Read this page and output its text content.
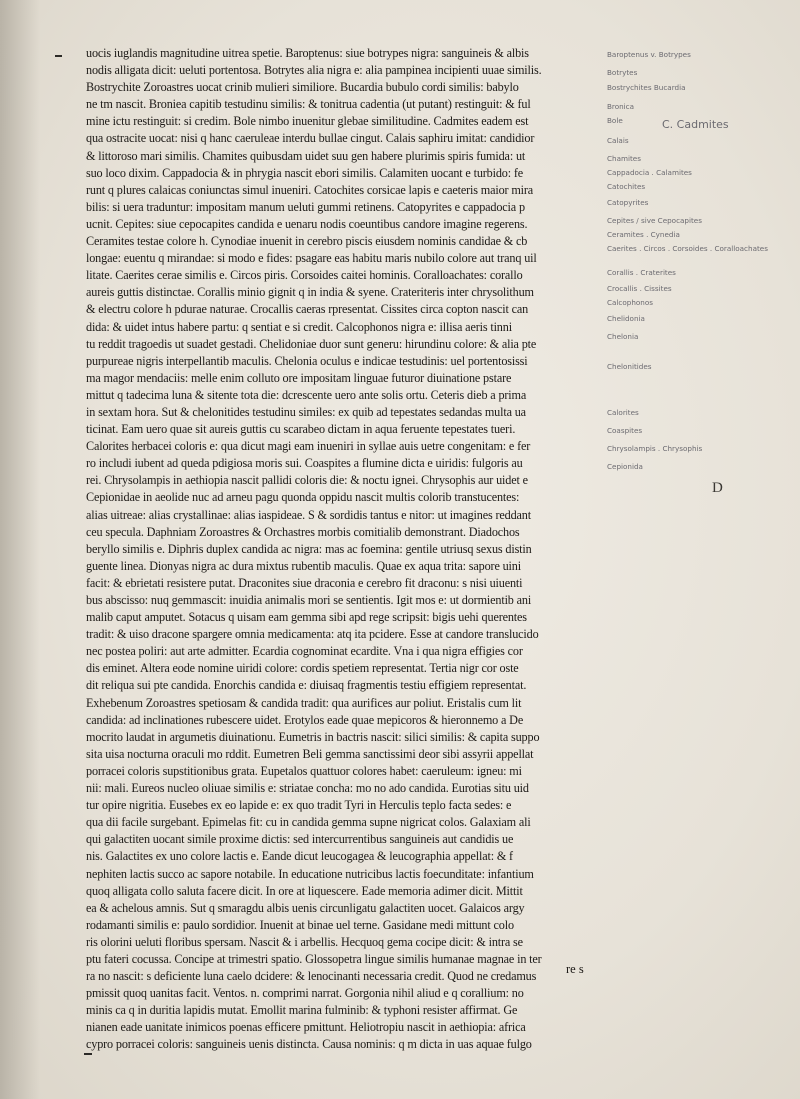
uocis iuglandis magnitudine uitrea spetie. Baroptenus: siue botrypes nigra: sanguineis & albis
nodis alligata dicit: ueluti portentosa. Botrytes alia nigra e: alia pampinea incipienti uuae similis.
Bostrychite Zoroastres uocat crinib mulieri similiore. Bucardia bubulo cordi similis: babylo
ne tm nascit. Broniea capitib testudinu similis: & tonitrua cadentia (ut putant) restinguit: & ful
mine ictu restinguit: si credim. Bole nimbo inuenitur glebae similitudine. Cadmites eadem est
qua ostracite uocat: nisi q hanc caeruleae interdu bullae cingut. Calais saphiru imitat: candidior
& littoroso mari similis. Chamites quibusdam uidet suu gen habere plurimis spiris fumida: ut
suo loco dixim. Cappadocia & in phrygia nascit ebori similis. Calamiten uocant e turbido: fe
runt q plures calaicas coniunctas simul inueniri. Catochites corsicae lapis e caeteris maior mira
bilis: si uera traduntur: impositam manum ueluti gummi retinens. Catopyrites e cappadocia p
ucnit. Cepites: siue cepocapites candida e uenaru nodis coeuntibus candore imagine regerens.
Ceramites testae colore h. Cynodiae inuenit in cerebro piscis eiusdem nominis candidae & cb
longae: euentu q mirandae: si modo e fides: psagare eas habitu maris nubilo colore aut tranq uil
litate. Caerites cerae similis e. Circos piris. Corsoides caitei hominis. Coralloachates: corallo
aureis guttis distinctae. Corallis minio gignit q in india & syene. Crateriteris inter chrysolithum
& electru colore h pdurae naturae. Crocallis caeras rpresentat. Cissites circa copton nascit can
dida: & uidet intus habere partu: q sentiat e si credit. Calcophonos nigra e: illisa aeris tinni
tu reddit tragoedis ut suadet gestadi. Chelidoniae duor sunt generu: hirundinu colore: & alia pte
purpureae nigris interpellantib maculis. Chelonia oculus e indicae testudinis: uel portentosissi
ma magor mendaciis: melle enim colluto ore impositam linguae futuror diuinatione pstare
mittut q tadecima luna & sitente tota die: dcrescente uero ante solis ortu. Ceteris dieb a prima
in sextam hora. Sut & chelonitides testudinu similes: ex quib ad tepestates sedandas multa ua
ticinat. Eam uero quae sit aureis guttis cu scarabeo dictam in aqua feruente tepestates tueri.
Calorites herbacei coloris e: qua dicut magi eam inueniri in syllae auis uetre congenitam: e fer
ro includi iubent ad queda pdigiosa moris sui. Coaspites a flumine dicta e uiridis: fulgoris au
rei. Chrysolampis in aethiopia nascit pallidi coloris die: & noctu ignei. Chrysophis aur uidet e
Cepionidae in aeolide nuc ad arneu pagu quonda oppidu nascit multis colorib transtucentes:
alias uitreae: alias crystallinae: alias iaspideae. S & sordidis tantus e nitor: ut imagines reddant
ceu specula. Daphniam Zoroastres & Orchastres morbis comitialib demonstrant. Diadochos
beryllo similis e. Diphris duplex candida ac nigra: mas ac foemina: gentile utriusq sexus distin
guente linea. Dionyas nigra ac dura mixtus rubentib maculis. Quae ex aqua trita: sapore uini
facit: & ebrietati resistere putat. Draconites siue draconia e cerebro fit draconu: s nisi uiuenti
bus abscisso: nuq gemmascit: inuidia animalis mori se sentientis. Igit mos e: ut dormientib ani
malib caput amputet. Sotacus q uisam eam gemma sibi apd rege scripsit: bigis uehi querentes
tradit: & uiso dracone spargere omnia medicamenta: atq ita pcidere. Esse at candore translucido
nec postea poliri: aut arte admitter. Ecardia cognominat ecardite. Vna i qua nigra effigies cor
dis eminet. Altera eode nomine uiridi colore: cordis spetiem representat. Tertia nigr cor oste
dit reliqua sui pte candida. Enorchis candida e: diuisaq fragmentis testiu effigiem representat.
Exhebenum Zoroastres spetiosam & candida tradit: qua aurifices aur poliut. Eristalis cum lit
candida: ad inclinationes rubescere uidet. Erotylos eade quae mepicoros & hieronnemo a De
mocrito laudat in argumetis diuinationu. Eumetris in bactris nascit: silici similis: & capita suppo
sita uisa nocturna oraculi mo rddit. Eumetren Beli gemma sanctissimi deor sibi assyrii appellat
porracei coloris supstitionibus grata. Eupetalos quattuor colores habet: caeruleum: igneu: mi
nii: mali. Eureos nucleo oliuae similis e: striatae concha: mo no ado candida. Eurotias situ uid
tur opire nigritia. Eusebes ex eo lapide e: ex quo tradit Tyri in Herculis teplo facta sedes: e
qua dii facile surgebant. Epimelas fit: cu in candida gemma supne nigricat colos. Galaxiam ali
qui galactiten uocant simile proxime dictis: sed intercurrentibus sanguineis aut candidis ue
nis. Galactites ex uno colore lactis e. Eande dicut leucogagea & leucographia appellat: & f
nephiten lactis succo ac sapore notabile. In educatione nutricibus lactis foecunditate: infantium
quoq alligata collo saluta facere dicit. In ore at liquescere. Eade memoria adimer dicit. Mittit
ea & achelous amnis. Sut q smaragdu albis uenis circunligatu galactiten uocet. Galaicos argy
rodamanti similis e: paulo sordidior. Inuenit at binae uel terne. Gasidane medi mittunt colo
ris olorini ueluti floribus spersam. Nascit & i arbellis. Hecquoq gema cocipe dicit: & intra se
ptu fateri cocussa. Concipe at trimestri spatio. Glossopetra lingue similis humanae magnae in ter
ra no nascit: s deficiente luna caelo dcidere: & lenocinanti necessaria credit. Quod ne credamus
pmissit quoq uanitas facit. Ventos. n. comprimi narrat. Gorgonia nihil aliud e q corallium: no
minis ca q in duritia lapidis mutat. Emollit marina fulminib: & typhoni resister affirmat. Ge
nianen eade uanitate inimicos poenas efficere pmittunt. Heliotropiu nascit in aethiopia: africa
cypro porracei coloris: sanguineis uenis distincta. Causa nominis: q m dicta in uas aquae fulgo
re s
Baroptenus v. Botrypes
Botrytes
Bostrychites Bucardia
Bronica
Bole	C. Cadmites
Calais
Chamites
Cappadocia . Calamites
Catochites
Catopyrites
Cepites / sive Cepocapites
Ceramites . Cynedia
Caerites . Circos . Corsoides . Coralloachates
Corallis . Craterites
Crocallis . Cissites
Calcophonos
Chelidonia
Chelonia
Chelonitides
Calorites
Coaspites
Chrysolampis . Chrysophis
Cepionida
D
